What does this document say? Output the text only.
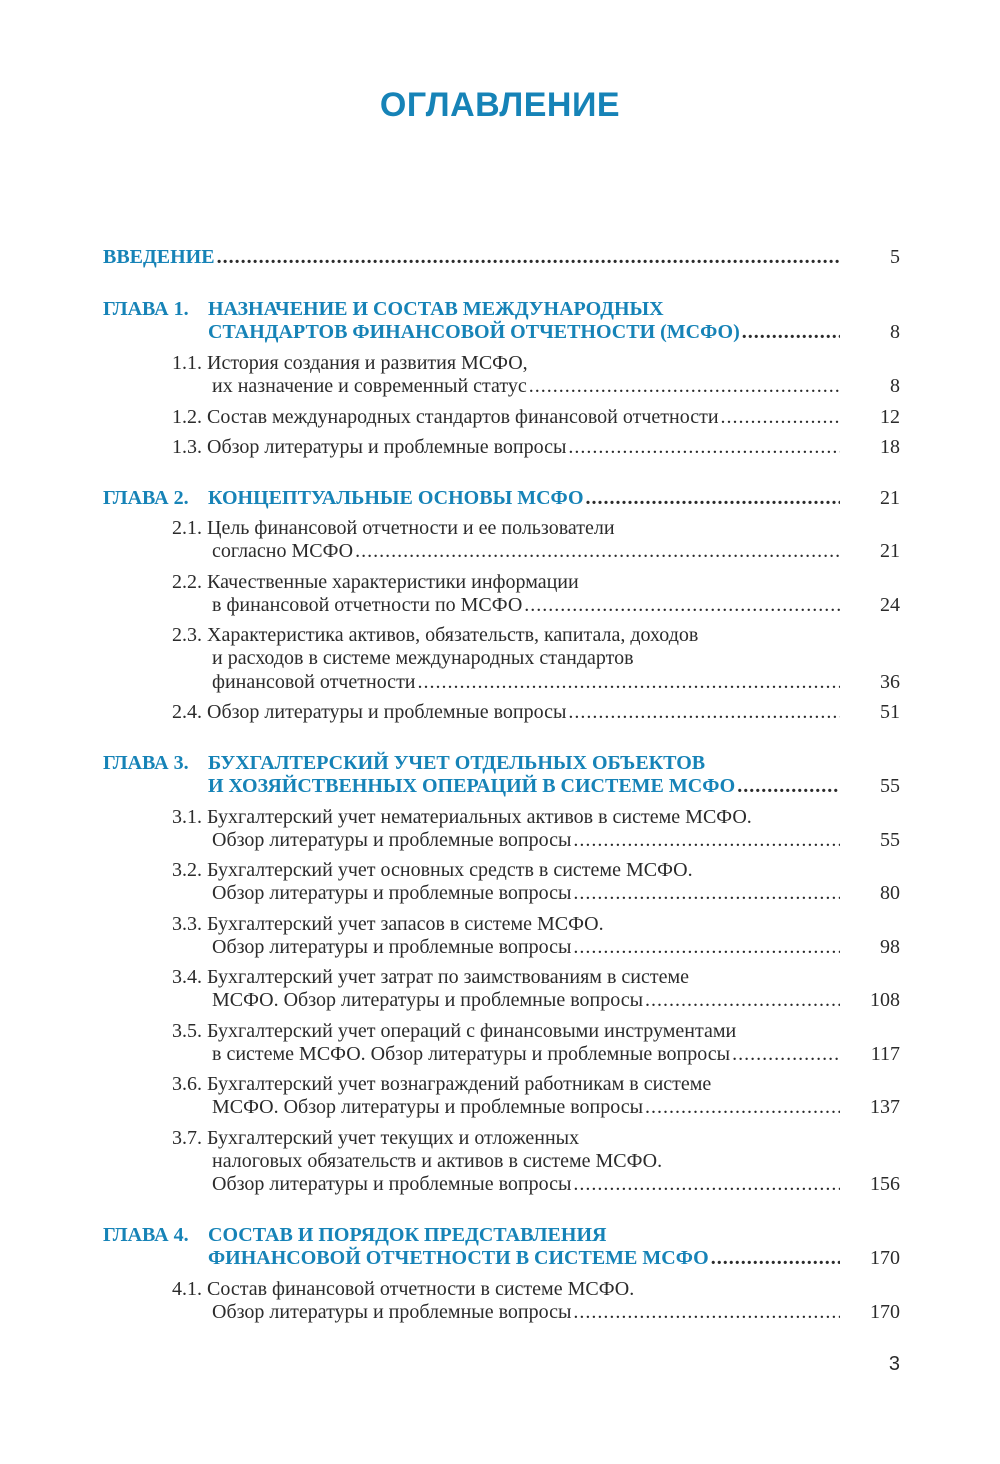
ОГЛАВЛЕНИЕ
ВВЕДЕНИЕ .....	5
ГЛАВА 1. НАЗНАЧЕНИЕ И СОСТАВ МЕЖДУНАРОДНЫХ
СТАНДАРТОВ ФИНАНСОВОЙ ОТЧЕТНОСТИ (МСФО) .....	8
1.1. История создания и развития МСФО,
их назначение и современный статус .....	8
1.2. Состав международных стандартов финансовой отчетности .....	12
1.3. Обзор литературы и проблемные вопросы .....	18
ГЛАВА 2. КОНЦЕПТУАЛЬНЫЕ ОСНОВЫ МСФО .....	21
2.1. Цель финансовой отчетности и ее пользователи
согласно МСФО .....	21
2.2. Качественные характеристики информации
в финансовой отчетности по МСФО .....	24
2.3. Характеристика активов, обязательств, капитала, доходов
и расходов в системе международных стандартов
финансовой отчетности .....	36
2.4. Обзор литературы и проблемные вопросы .....	51
ГЛАВА 3. БУХГАЛТЕРСКИЙ УЧЕТ ОТДЕЛЬНЫХ ОБЪЕКТОВ
И ХОЗЯЙСТВЕННЫХ ОПЕРАЦИЙ В СИСТЕМЕ МСФО .....	55
3.1. Бухгалтерский учет нематериальных активов в системе МСФО.
Обзор литературы и проблемные вопросы .....	55
3.2. Бухгалтерский учет основных средств в системе МСФО.
Обзор литературы и проблемные вопросы .....	80
3.3. Бухгалтерский учет запасов в системе МСФО.
Обзор литературы и проблемные вопросы .....	98
3.4. Бухгалтерский учет затрат по заимствованиям в системе
МСФО. Обзор литературы и проблемные вопросы .....	108
3.5. Бухгалтерский учет операций с финансовыми инструментами
в системе МСФО. Обзор литературы и проблемные вопросы .....	117
3.6. Бухгалтерский учет вознаграждений работникам в системе
МСФО. Обзор литературы и проблемные вопросы .....	137
3.7. Бухгалтерский учет текущих и отложенных
налоговых обязательств и активов в системе МСФО.
Обзор литературы и проблемные вопросы .....	156
ГЛАВА 4. СОСТАВ И ПОРЯДОК ПРЕДСТАВЛЕНИЯ
ФИНАНСОВОЙ ОТЧЕТНОСТИ В СИСТЕМЕ МСФО .....	170
4.1. Состав финансовой отчетности в системе МСФО.
Обзор литературы и проблемные вопросы .....	170
3
